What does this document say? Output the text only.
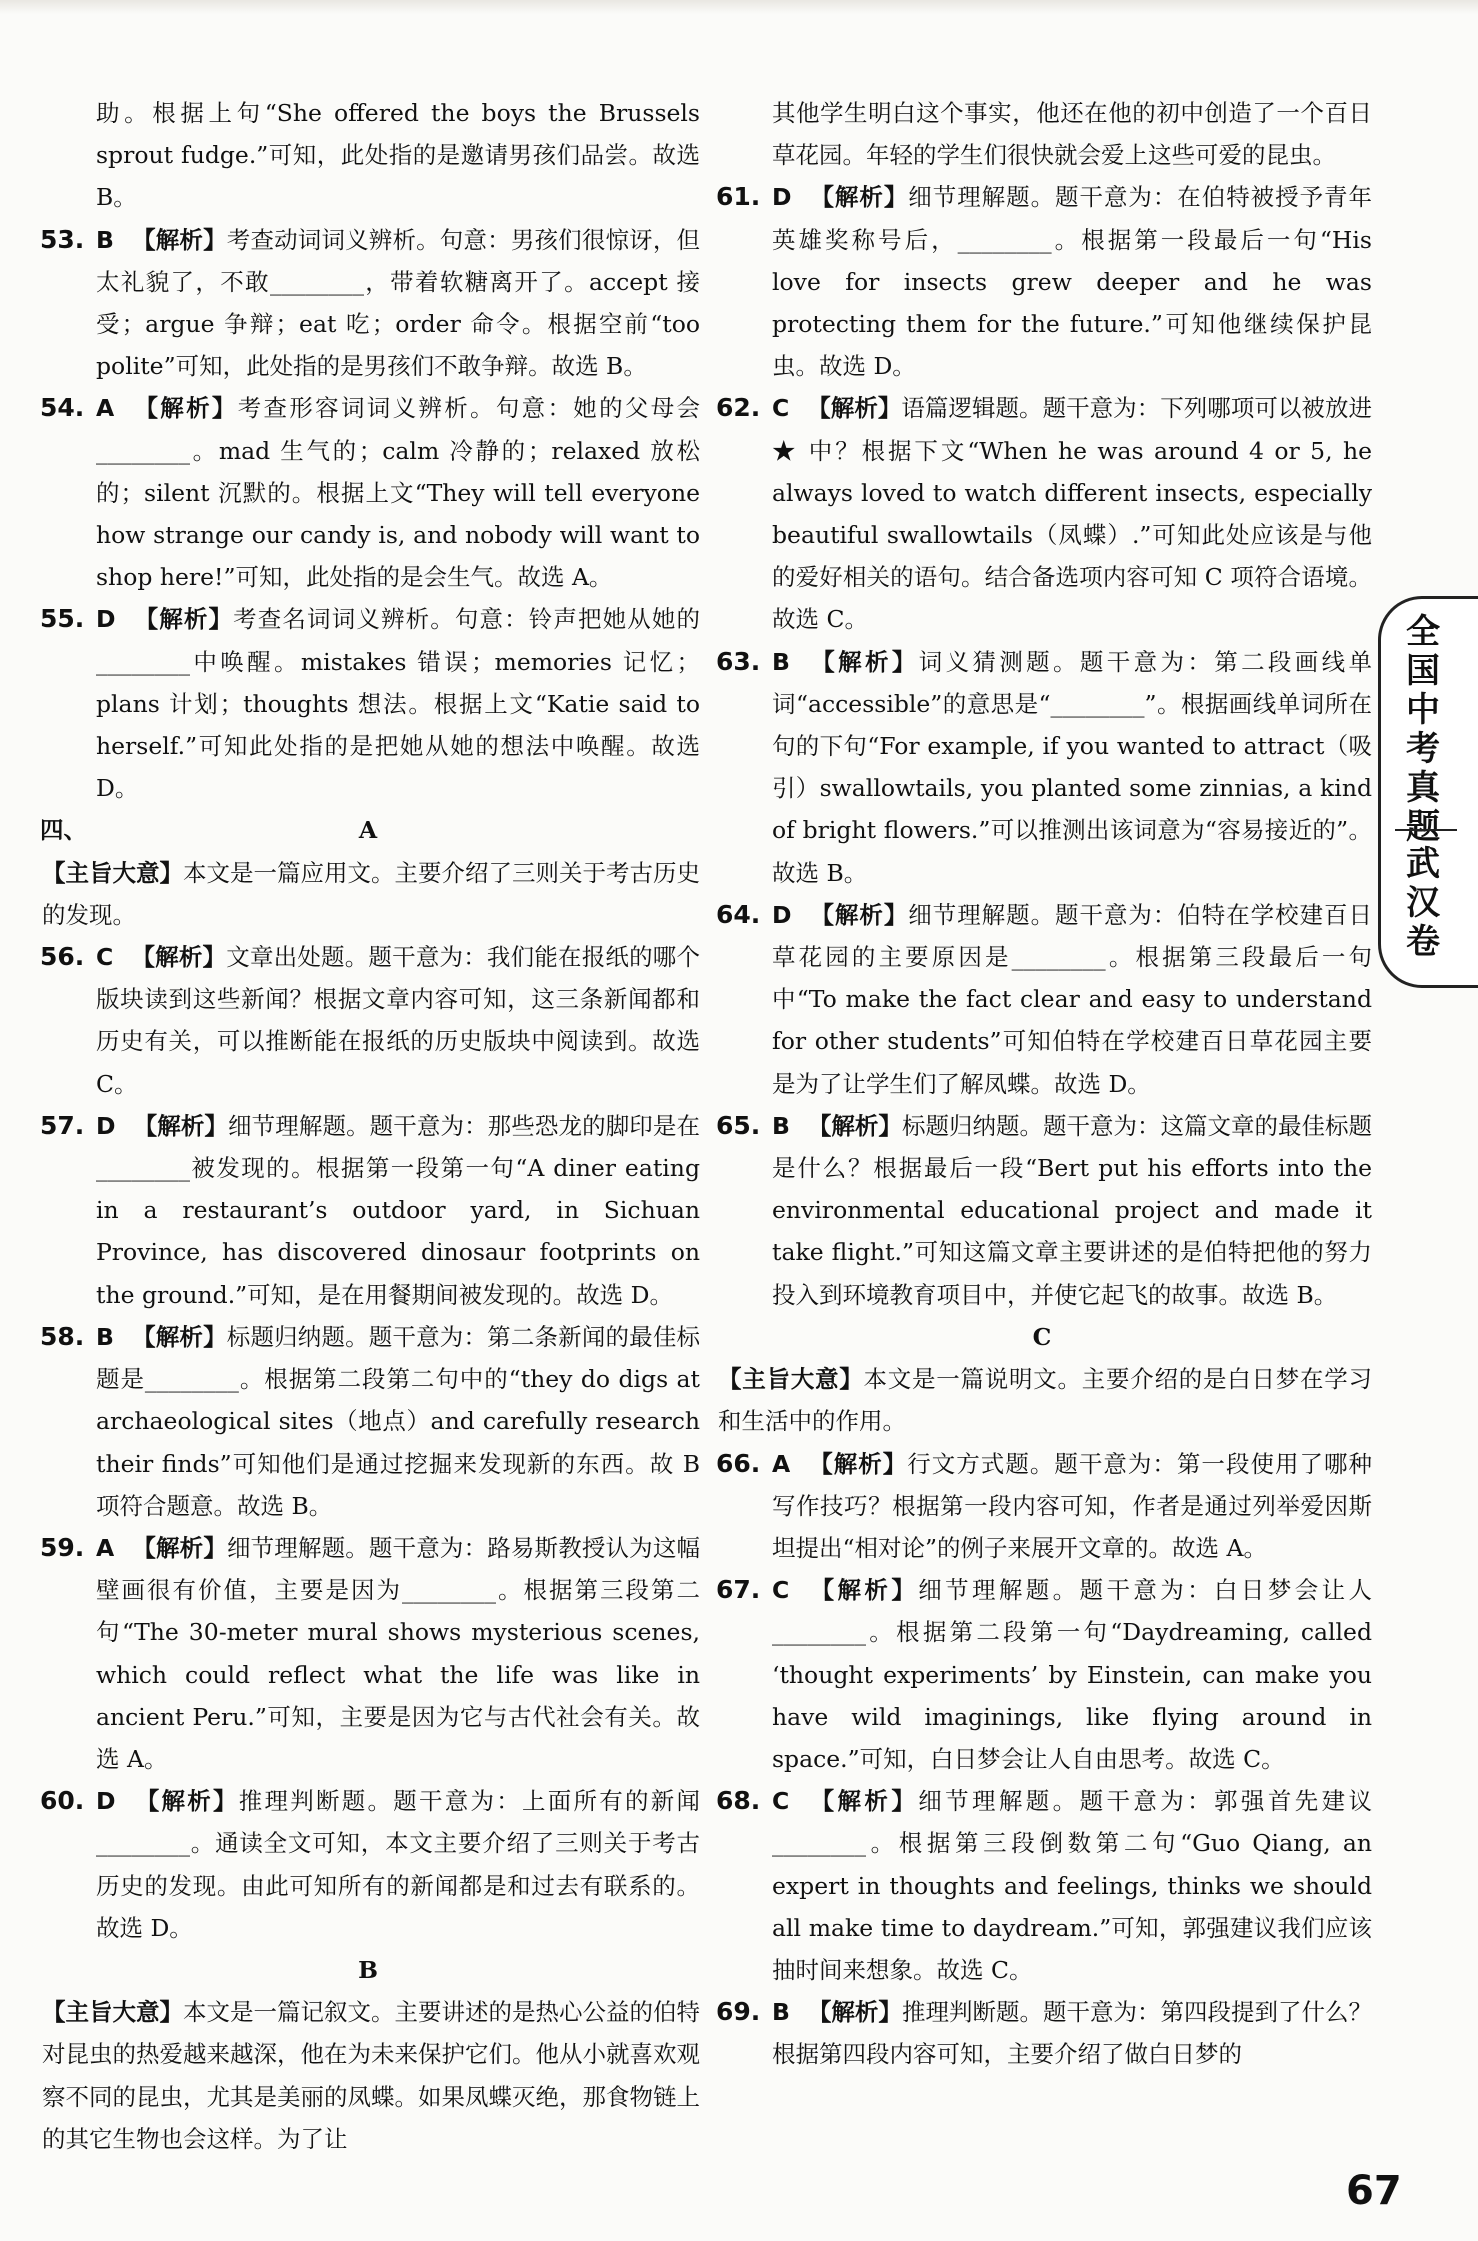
助。根据上句“She offered the boys the Brussels sprout fudge.”可知，此处指的是邀请男孩们品尝。故选 B。

53. B 【解析】考查动词词义辨析。句意：男孩们很惊讶，但太礼貌了，不敢________，带着软糖离开了。accept 接受；argue 争辩；eat 吃；order 命令。根据空前“too polite”可知，此处指的是男孩们不敢争辩。故选 B。

54. A 【解析】考查形容词词义辨析。句意：她的父母会________。mad 生气的；calm 冷静的；relaxed 放松的；silent 沉默的。根据上文“They will tell everyone how strange our candy is, and nobody will want to shop here!”可知，此处指的是会生气。故选 A。

55. D 【解析】考查名词词义辨析。句意：铃声把她从她的________中唤醒。mistakes 错误；memories 记忆；plans 计划；thoughts 想法。根据上文“Katie said to herself.”可知此处指的是把她从她的想法中唤醒。故选 D。

四、	A

【主旨大意】本文是一篇应用文。主要介绍了三则关于考古历史的发现。

56. C 【解析】文章出处题。题干意为：我们能在报纸的哪个版块读到这些新闻？根据文章内容可知，这三条新闻都和历史有关，可以推断能在报纸的历史版块中阅读到。故选 C。

57. D 【解析】细节理解题。题干意为：那些恐龙的脚印是在________被发现的。根据第一段第一句“A diner eating in a restaurant’s outdoor yard, in Sichuan Province, has discovered dinosaur footprints on the ground.”可知，是在用餐期间被发现的。故选 D。

58. B 【解析】标题归纳题。题干意为：第二条新闻的最佳标题是________。根据第二段第二句中的“they do digs at archaeological sites（地点）and carefully research their finds”可知他们是通过挖掘来发现新的东西。故 B 项符合题意。故选 B。

59. A 【解析】细节理解题。题干意为：路易斯教授认为这幅壁画很有价值，主要是因为________。根据第三段第二句“The 30-meter mural shows mysterious scenes, which could reflect what the life was like in ancient Peru.”可知，主要是因为它与古代社会有关。故选 A。

60. D 【解析】推理判断题。题干意为：上面所有的新闻________。通读全文可知，本文主要介绍了三则关于考古历史的发现。由此可知所有的新闻都是和过去有联系的。故选 D。

B

【主旨大意】本文是一篇记叙文。主要讲述的是热心公益的伯特对昆虫的热爱越来越深，他在为未来保护它们。他从小就喜欢观察不同的昆虫，尤其是美丽的凤蝶。如果凤蝶灭绝，那食物链上的其它生物也会这样。为了让

其他学生明白这个事实，他还在他的初中创造了一个百日草花园。年轻的学生们很快就会爱上这些可爱的昆虫。

61. D 【解析】细节理解题。题干意为：在伯特被授予青年英雄奖称号后，________。根据第一段最后一句“His love for insects grew deeper and he was protecting them for the future.”可知他继续保护昆虫。故选 D。

62. C 【解析】语篇逻辑题。题干意为：下列哪项可以被放进 ★ 中？根据下文“When he was around 4 or 5, he always loved to watch different insects, especially beautiful swallowtails（凤蝶）.”可知此处应该是与他的爱好相关的语句。结合备选项内容可知 C 项符合语境。故选 C。

63. B 【解析】词义猜测题。题干意为：第二段画线单词“accessible”的意思是“________”。根据画线单词所在句的下句“For example, if you wanted to attract（吸引）swallowtails, you planted some zinnias, a kind of bright flowers.”可以推测出该词意为“容易接近的”。故选 B。

64. D 【解析】细节理解题。题干意为：伯特在学校建百日草花园的主要原因是________。根据第三段最后一句中“To make the fact clear and easy to understand for other students”可知伯特在学校建百日草花园主要是为了让学生们了解凤蝶。故选 D。

65. B 【解析】标题归纳题。题干意为：这篇文章的最佳标题是什么？根据最后一段“Bert put his efforts into the environmental educational project and made it take flight.”可知这篇文章主要讲述的是伯特把他的努力投入到环境教育项目中，并使它起飞的故事。故选 B。

C

【主旨大意】本文是一篇说明文。主要介绍的是白日梦在学习和生活中的作用。

66. A 【解析】行文方式题。题干意为：第一段使用了哪种写作技巧？根据第一段内容可知，作者是通过列举爱因斯坦提出“相对论”的例子来展开文章的。故选 A。

67. C 【解析】细节理解题。题干意为：白日梦会让人________。根据第二段第一句“Daydreaming, called ‘thought experiments’ by Einstein, can make you have wild imaginings, like flying around in space.”可知，白日梦会让人自由思考。故选 C。

68. C 【解析】细节理解题。题干意为：郭强首先建议________。根据第三段倒数第二句“Guo Qiang, an expert in thoughts and feelings, thinks we should all make time to daydream.”可知，郭强建议我们应该抽时间来想象。故选 C。

69. B 【解析】推理判断题。题干意为：第四段提到了什么？根据第四段内容可知，主要介绍了做白日梦的

全国中考真题
武汉卷
67
